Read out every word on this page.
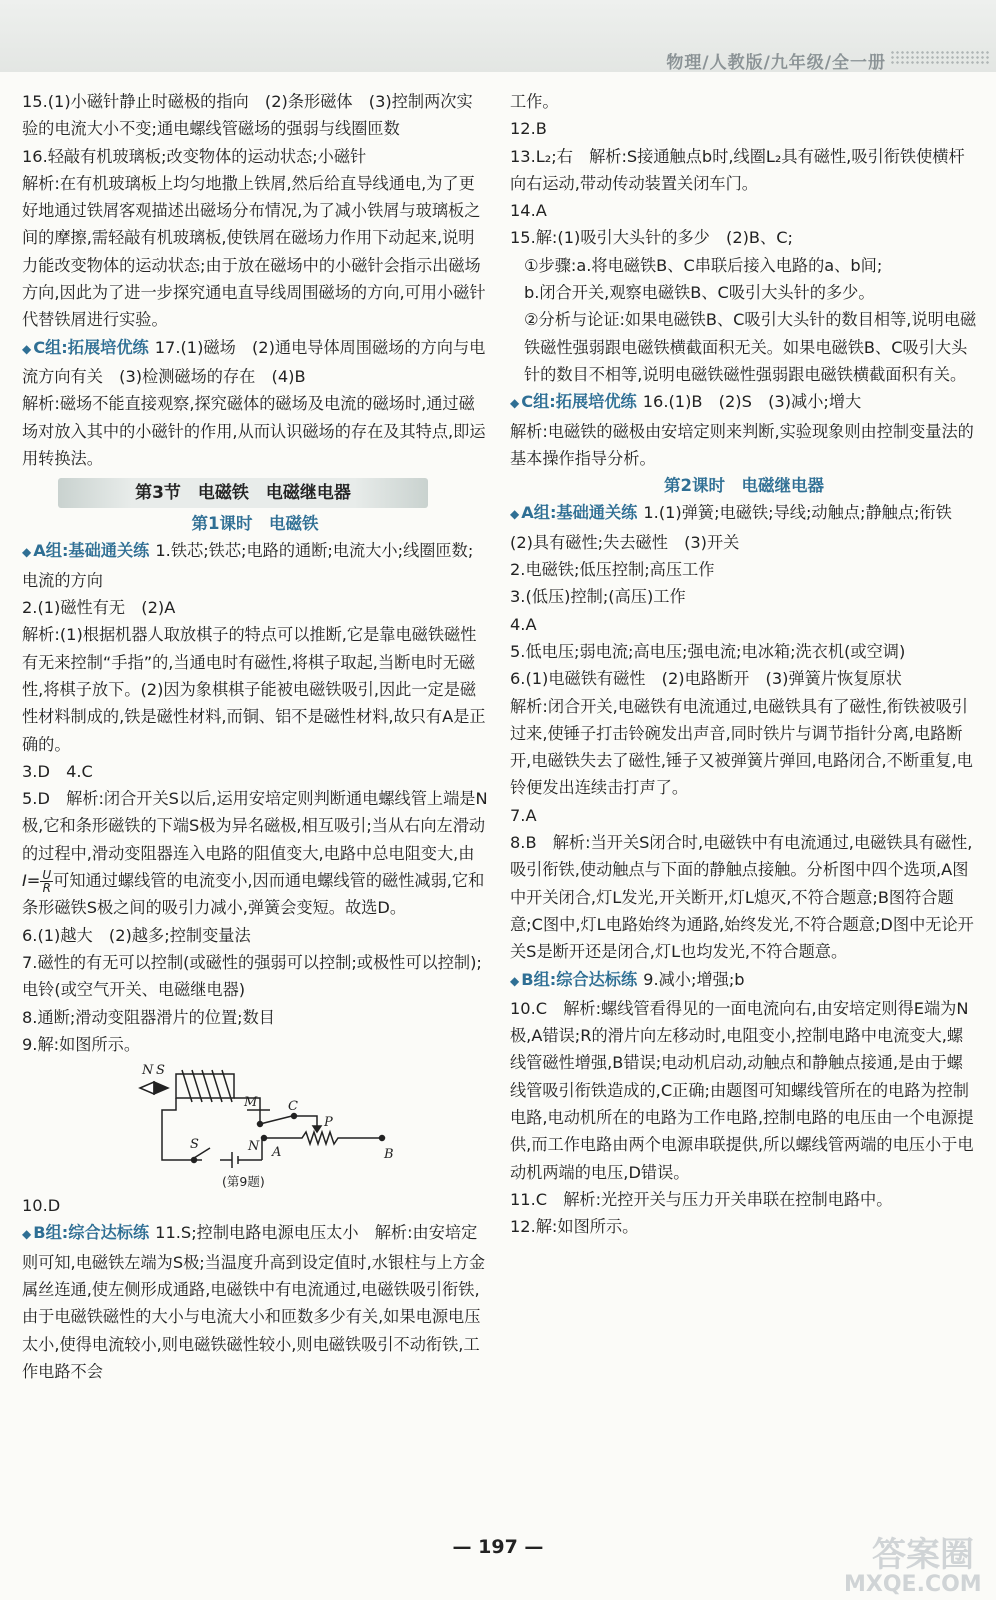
物理/人教版/九年级/全一册

15.(1)小磁针静止时磁极的指向　(2)条形磁体　(3)控制两次实验的电流大小不变;通电螺线管磁场的强弱与线圈匝数

16.轻敲有机玻璃板;改变物体的运动状态;小磁针

解析:在有机玻璃板上均匀地撒上铁屑,然后给直导线通电,为了更好地通过铁屑客观描述出磁场分布情况,为了减小铁屑与玻璃板之间的摩擦,需轻敲有机玻璃板,使铁屑在磁场力作用下动起来,说明力能改变物体的运动状态;由于放在磁场中的小磁针会指示出磁场方向,因此为了进一步探究通电直导线周围磁场的方向,可用小磁针代替铁屑进行实验。

◆ C组:拓展培优练 17.(1)磁场　(2)通电导体周围磁场的方向与电流方向有关　(3)检测磁场的存在　(4)B

解析:磁场不能直接观察,探究磁体的磁场及电流的磁场时,通过磁场对放入其中的小磁针的作用,从而认识磁场的存在及其特点,即运用转换法。

第3节　电磁铁　电磁继电器
第1课时　电磁铁

◆ A组:基础通关练 1.铁芯;铁芯;电路的通断;电流大小;线圈匝数;电流的方向

2.(1)磁性有无　(2)A

解析:(1)根据机器人取放棋子的特点可以推断,它是靠电磁铁磁性有无来控制“手指”的,当通电时有磁性,将棋子取起,当断电时无磁性,将棋子放下。(2)因为象棋棋子能被电磁铁吸引,因此一定是磁性材料制成的,铁是磁性材料,而铜、铝不是磁性材料,故只有A是正确的。

3.D　4.C

5.D　解析:闭合开关S以后,运用安培定则判断通电螺线管上端是N极,它和条形磁铁的下端S极为异名磁极,相互吸引;当从右向左滑动的过程中,滑动变阻器连入电路的阻值变大,电路中总电阻变大,由$I= \frac{U}{R}$ 可知通过螺线管的电流变小,因而通电螺线管的磁性减弱,它和条形磁铁S极之间的吸引力减小,弹簧会变短。故选D。

6.(1)越大　(2)越多;控制变量法

7.磁性的有无可以控制(或磁性的强弱可以控制;或极性可以控制);电铃(或空气开关、电磁继电器)

8.通断;滑动变阻器滑片的位置;数目

9.解:如图所示。

N S
M C
P
S	N A	B
(第9题)

10.D

◆ B组:综合达标练 11.S;控制电路电源电压太小　解析:由安培定则可知,电磁铁左端为S极;当温度升高到设定值时,水银柱与上方金属丝连通,使左侧形成通路,电磁铁中有电流通过,电磁铁吸引衔铁,由于电磁铁磁性的大小与电流大小和匝数多少有关,如果电源电压太小,使得电流较小,则电磁铁磁性较小,则电磁铁吸引不动衔铁,工作电路不会

工作。

12.B

13.L₂;右　解析:S接通触点b时,线圈L₂具有磁性,吸引衔铁使横杆向右运动,带动传动装置关闭车门。

14.A

15.解:(1)吸引大头针的多少　(2)B、C;

①步骤:a.将电磁铁B、C串联后接入电路的a、b间;

b.闭合开关,观察电磁铁B、C吸引大头针的多少。

②分析与论证:如果电磁铁B、C吸引大头针的数目相等,说明电磁铁磁性强弱跟电磁铁横截面积无关。如果电磁铁B、C吸引大头针的数目不相等,说明电磁铁磁性强弱跟电磁铁横截面积有关。

◆ C组:拓展培优练 16.(1)B　(2)S　(3)减小;增大

解析:电磁铁的磁极由安培定则来判断,实验现象则由控制变量法的基本操作指导分析。

第2课时　电磁继电器

◆ A组:基础通关练 1.(1)弹簧;电磁铁;导线;动触点;静触点;衔铁　(2)具有磁性;失去磁性　(3)开关

2.电磁铁;低压控制;高压工作

3.(低压)控制;(高压)工作

4.A

5.低电压;弱电流;高电压;强电流;电冰箱;洗衣机(或空调)

6.(1)电磁铁有磁性　(2)电路断开　(3)弹簧片恢复原状

解析:闭合开关,电磁铁有电流通过,电磁铁具有了磁性,衔铁被吸引过来,使锤子打击铃碗发出声音,同时铁片与调节指针分离,电路断开,电磁铁失去了磁性,锤子又被弹簧片弹回,电路闭合,不断重复,电铃便发出连续击打声了。

7.A

8.B　解析:当开关S闭合时,电磁铁中有电流通过,电磁铁具有磁性,吸引衔铁,使动触点与下面的静触点接触。分析图中四个选项,A图中开关闭合,灯L发光,开关断开,灯L熄灭,不符合题意;B图符合题意;C图中,灯L电路始终为通路,始终发光,不符合题意;D图中无论开关S是断开还是闭合,灯L也均发光,不符合题意。

◆ B组:综合达标练 9.减小;增强;b

10.C　解析:螺线管看得见的一面电流向右,由安培定则得E端为N极,A错误;R的滑片向左移动时,电阻变小,控制电路中电流变大,螺线管磁性增强,B错误;电动机启动,动触点和静触点接通,是由于螺线管吸引衔铁造成的,C正确;由题图可知螺线管所在的电路为控制电路,电动机所在的电路为工作电路,控制电路的电压由一个电源提供,而工作电路由两个电源串联提供,所以螺线管两端的电压小于电动机两端的电压,D错误。

11.C　解析:光控开关与压力开关串联在控制电路中。

12.解:如图所示。

— 197 —	答案圈
MXQE.COM
